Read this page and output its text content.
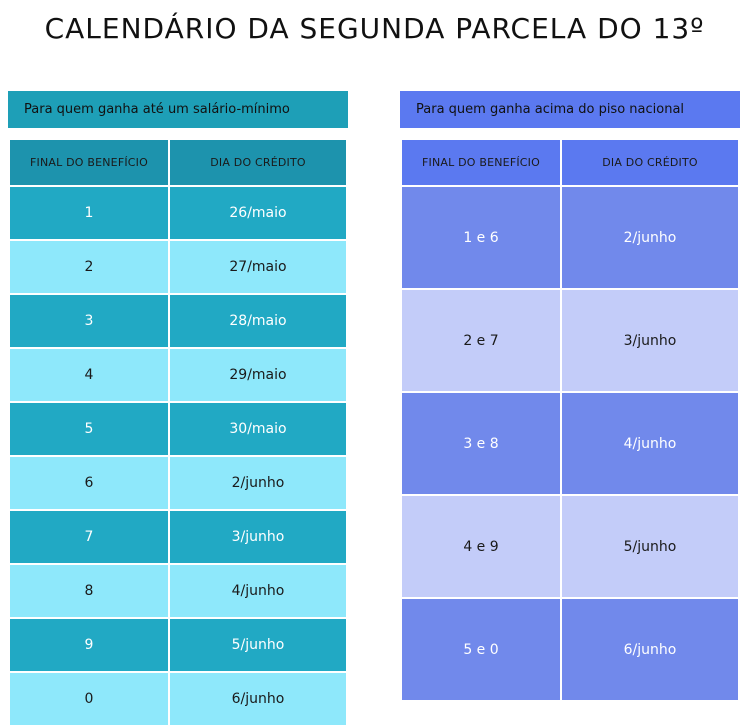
CALENDÁRIO DA SEGUNDA PARCELA DO 13º
Para quem ganha até um salário-mínimo
FINAL DO BENEFÍCIO	DIA DO CRÉDITO
1	26/maio
2	27/maio
3	28/maio
4	29/maio
5	30/maio
6	2/junho
7	3/junho
8	4/junho
9	5/junho
0	6/junho
Para quem ganha acima do piso nacional
FINAL DO BENEFÍCIO	DIA DO CRÉDITO
1 e 6	2/junho
2 e 7	3/junho
3 e 8	4/junho
4 e 9	5/junho
5 e 0	6/junho
